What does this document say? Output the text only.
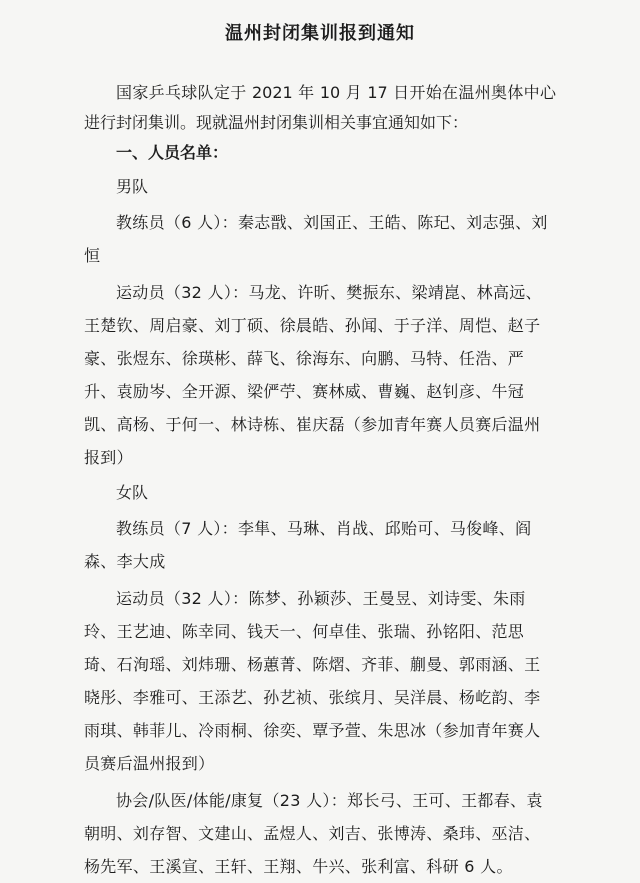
温州封闭集训报到通知

国家乒乓球队定于 2021 年 10 月 17 日开始在温州奥体中心进行封闭集训。现就温州封闭集训相关事宜通知如下：

一、人员名单：

男队

教练员（6 人）：秦志戬、刘国正、王皓、陈玘、刘志强、刘恒

运动员（32 人）：马龙、许昕、樊振东、梁靖崑、林高远、王楚钦、周启豪、刘丁硕、徐晨皓、孙闻、于子洋、周恺、赵子豪、张煜东、徐瑛彬、薛飞、徐海东、向鹏、马特、任浩、严升、袁励岑、全开源、梁俨苧、赛林威、曹巍、赵钊彦、牛冠凯、高杨、于何一、林诗栋、崔庆磊（参加青年赛人员赛后温州报到）

女队

教练员（7 人）：李隼、马琳、肖战、邱贻可、马俊峰、阎森、李大成

运动员（32 人）：陈梦、孙颖莎、王曼昱、刘诗雯、朱雨玲、王艺迪、陈幸同、钱天一、何卓佳、张瑞、孙铭阳、范思琦、石洵瑶、刘炜珊、杨蕙菁、陈熠、齐菲、蒯曼、郭雨涵、王晓彤、李雅可、王添艺、孙艺祯、张缤月、吴洋晨、杨屹韵、李雨琪、韩菲儿、冷雨桐、徐奕、覃予萱、朱思冰（参加青年赛人员赛后温州报到）

协会/队医/体能/康复（23 人）：郑长弓、王可、王都春、袁朝明、刘存智、文建山、孟煜人、刘吉、张博涛、桑玮、巫洁、杨先军、王溪宣、王轩、王翔、牛兴、张利富、科研 6 人。
